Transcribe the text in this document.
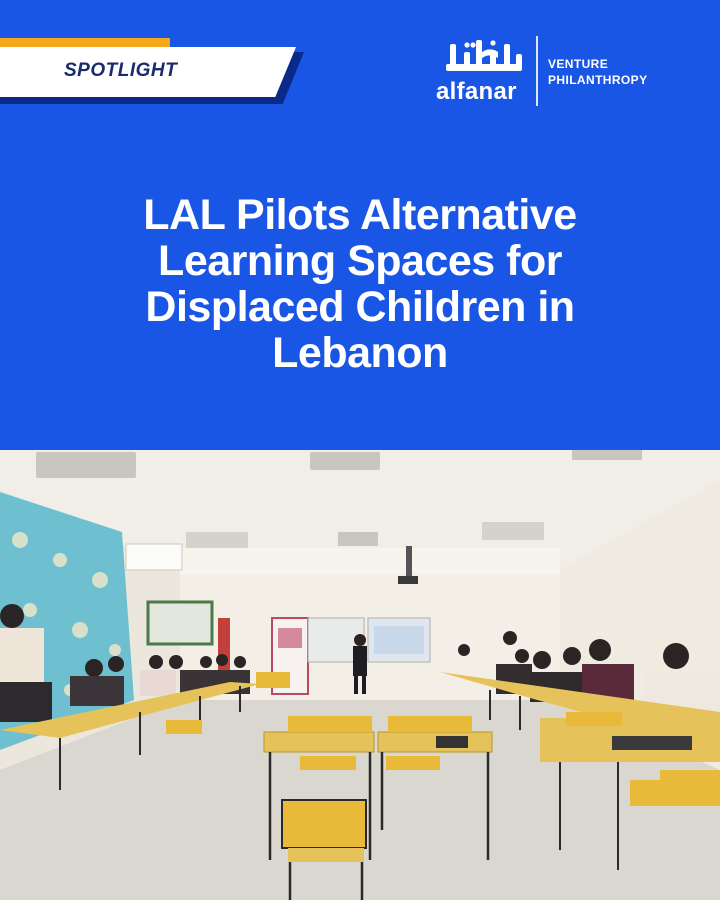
SPOTLIGHT
alfanar
VENTURE
PHILANTHROPY
LAL Pilots Alternative
Learning Spaces for
Displaced Children in
Lebanon
